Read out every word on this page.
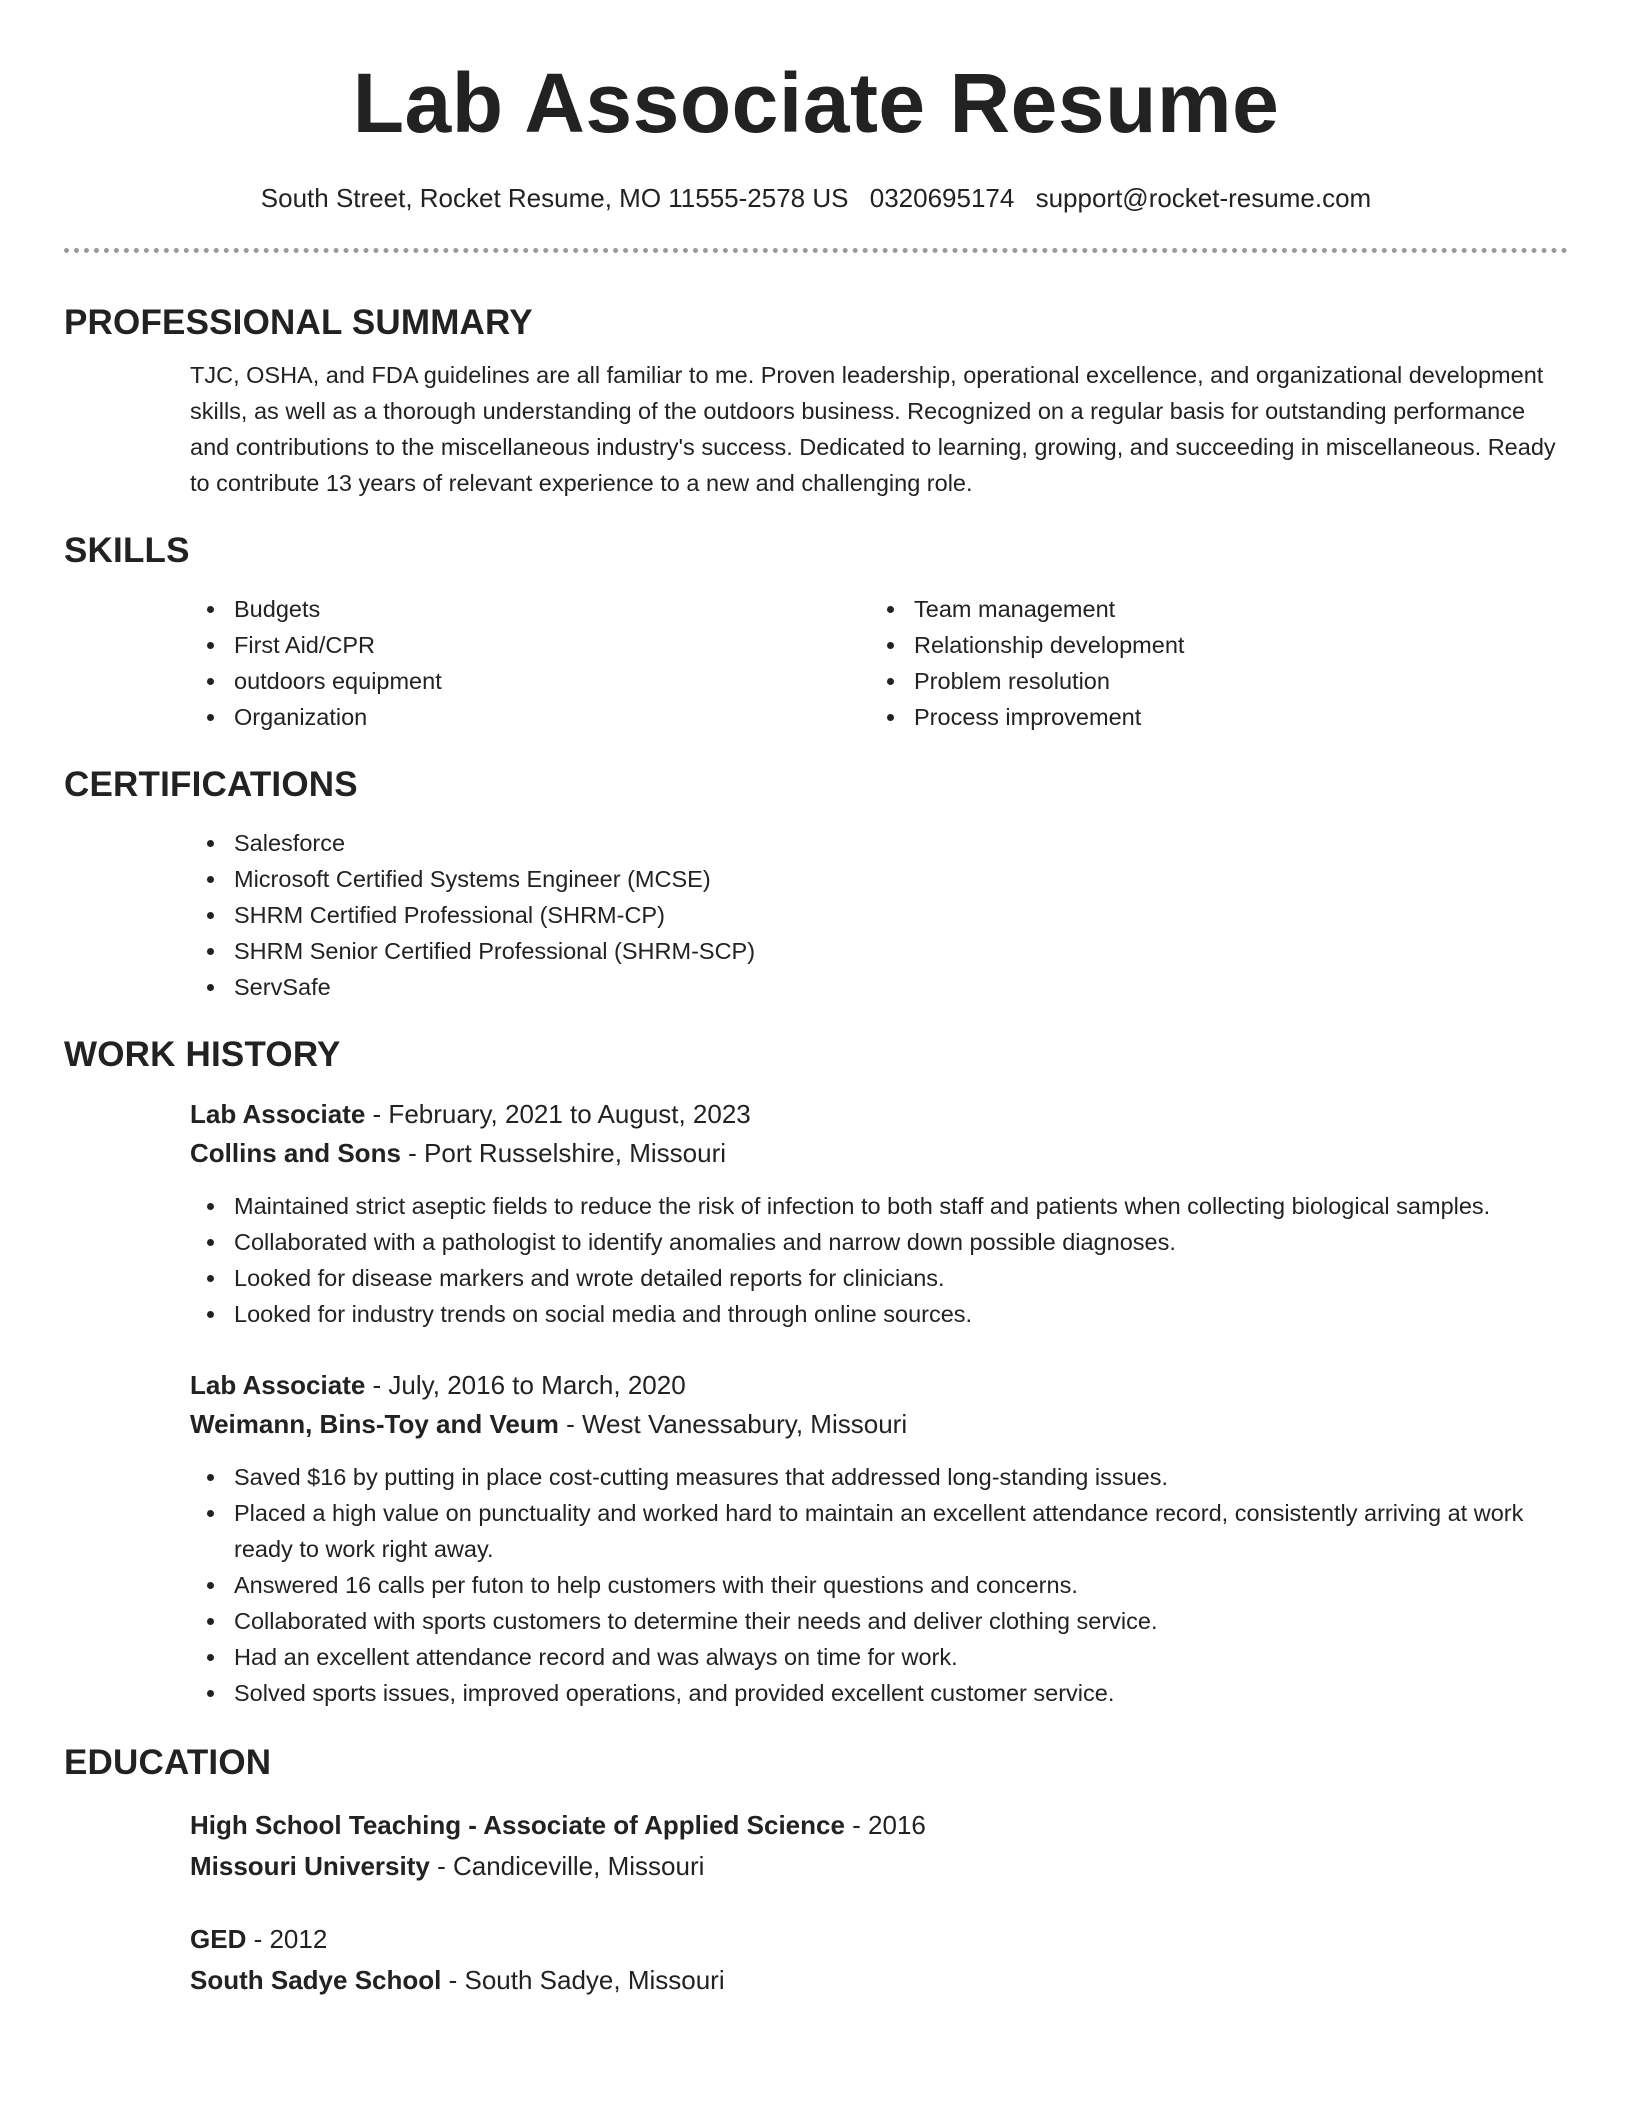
Lab Associate Resume
South Street, Rocket Resume, MO 11555-2578 US 0320695174 support@rocket-resume.com
PROFESSIONAL SUMMARY

TJC, OSHA, and FDA guidelines are all familiar to me. Proven leadership, operational excellence, and organizational development skills, as well as a thorough understanding of the outdoors business. Recognized on a regular basis for outstanding performance and contributions to the miscellaneous industry's success. Dedicated to learning, growing, and succeeding in miscellaneous. Ready to contribute 13 years of relevant experience to a new and challenging role.

SKILLS
Budgets
First Aid/CPR
outdoors equipment
Organization
Team management
Relationship development
Problem resolution
Process improvement
CERTIFICATIONS
Salesforce
Microsoft Certified Systems Engineer (MCSE)
SHRM Certified Professional (SHRM-CP)
SHRM Senior Certified Professional (SHRM-SCP)
ServSafe
WORK HISTORY
Lab Associate - February, 2021 to August, 2023
Collins and Sons - Port Russelshire, Missouri
Maintained strict aseptic fields to reduce the risk of infection to both staff and patients when collecting biological samples.
Collaborated with a pathologist to identify anomalies and narrow down possible diagnoses.
Looked for disease markers and wrote detailed reports for clinicians.
Looked for industry trends on social media and through online sources.
Lab Associate - July, 2016 to March, 2020
Weimann, Bins-Toy and Veum - West Vanessabury, Missouri
Saved $16 by putting in place cost-cutting measures that addressed long-standing issues.
Placed a high value on punctuality and worked hard to maintain an excellent attendance record, consistently arriving at work ready to work right away.
Answered 16 calls per futon to help customers with their questions and concerns.
Collaborated with sports customers to determine their needs and deliver clothing service.
Had an excellent attendance record and was always on time for work.
Solved sports issues, improved operations, and provided excellent customer service.
EDUCATION
High School Teaching - Associate of Applied Science - 2016
Missouri University - Candiceville, Missouri
GED - 2012
South Sadye School - South Sadye, Missouri
